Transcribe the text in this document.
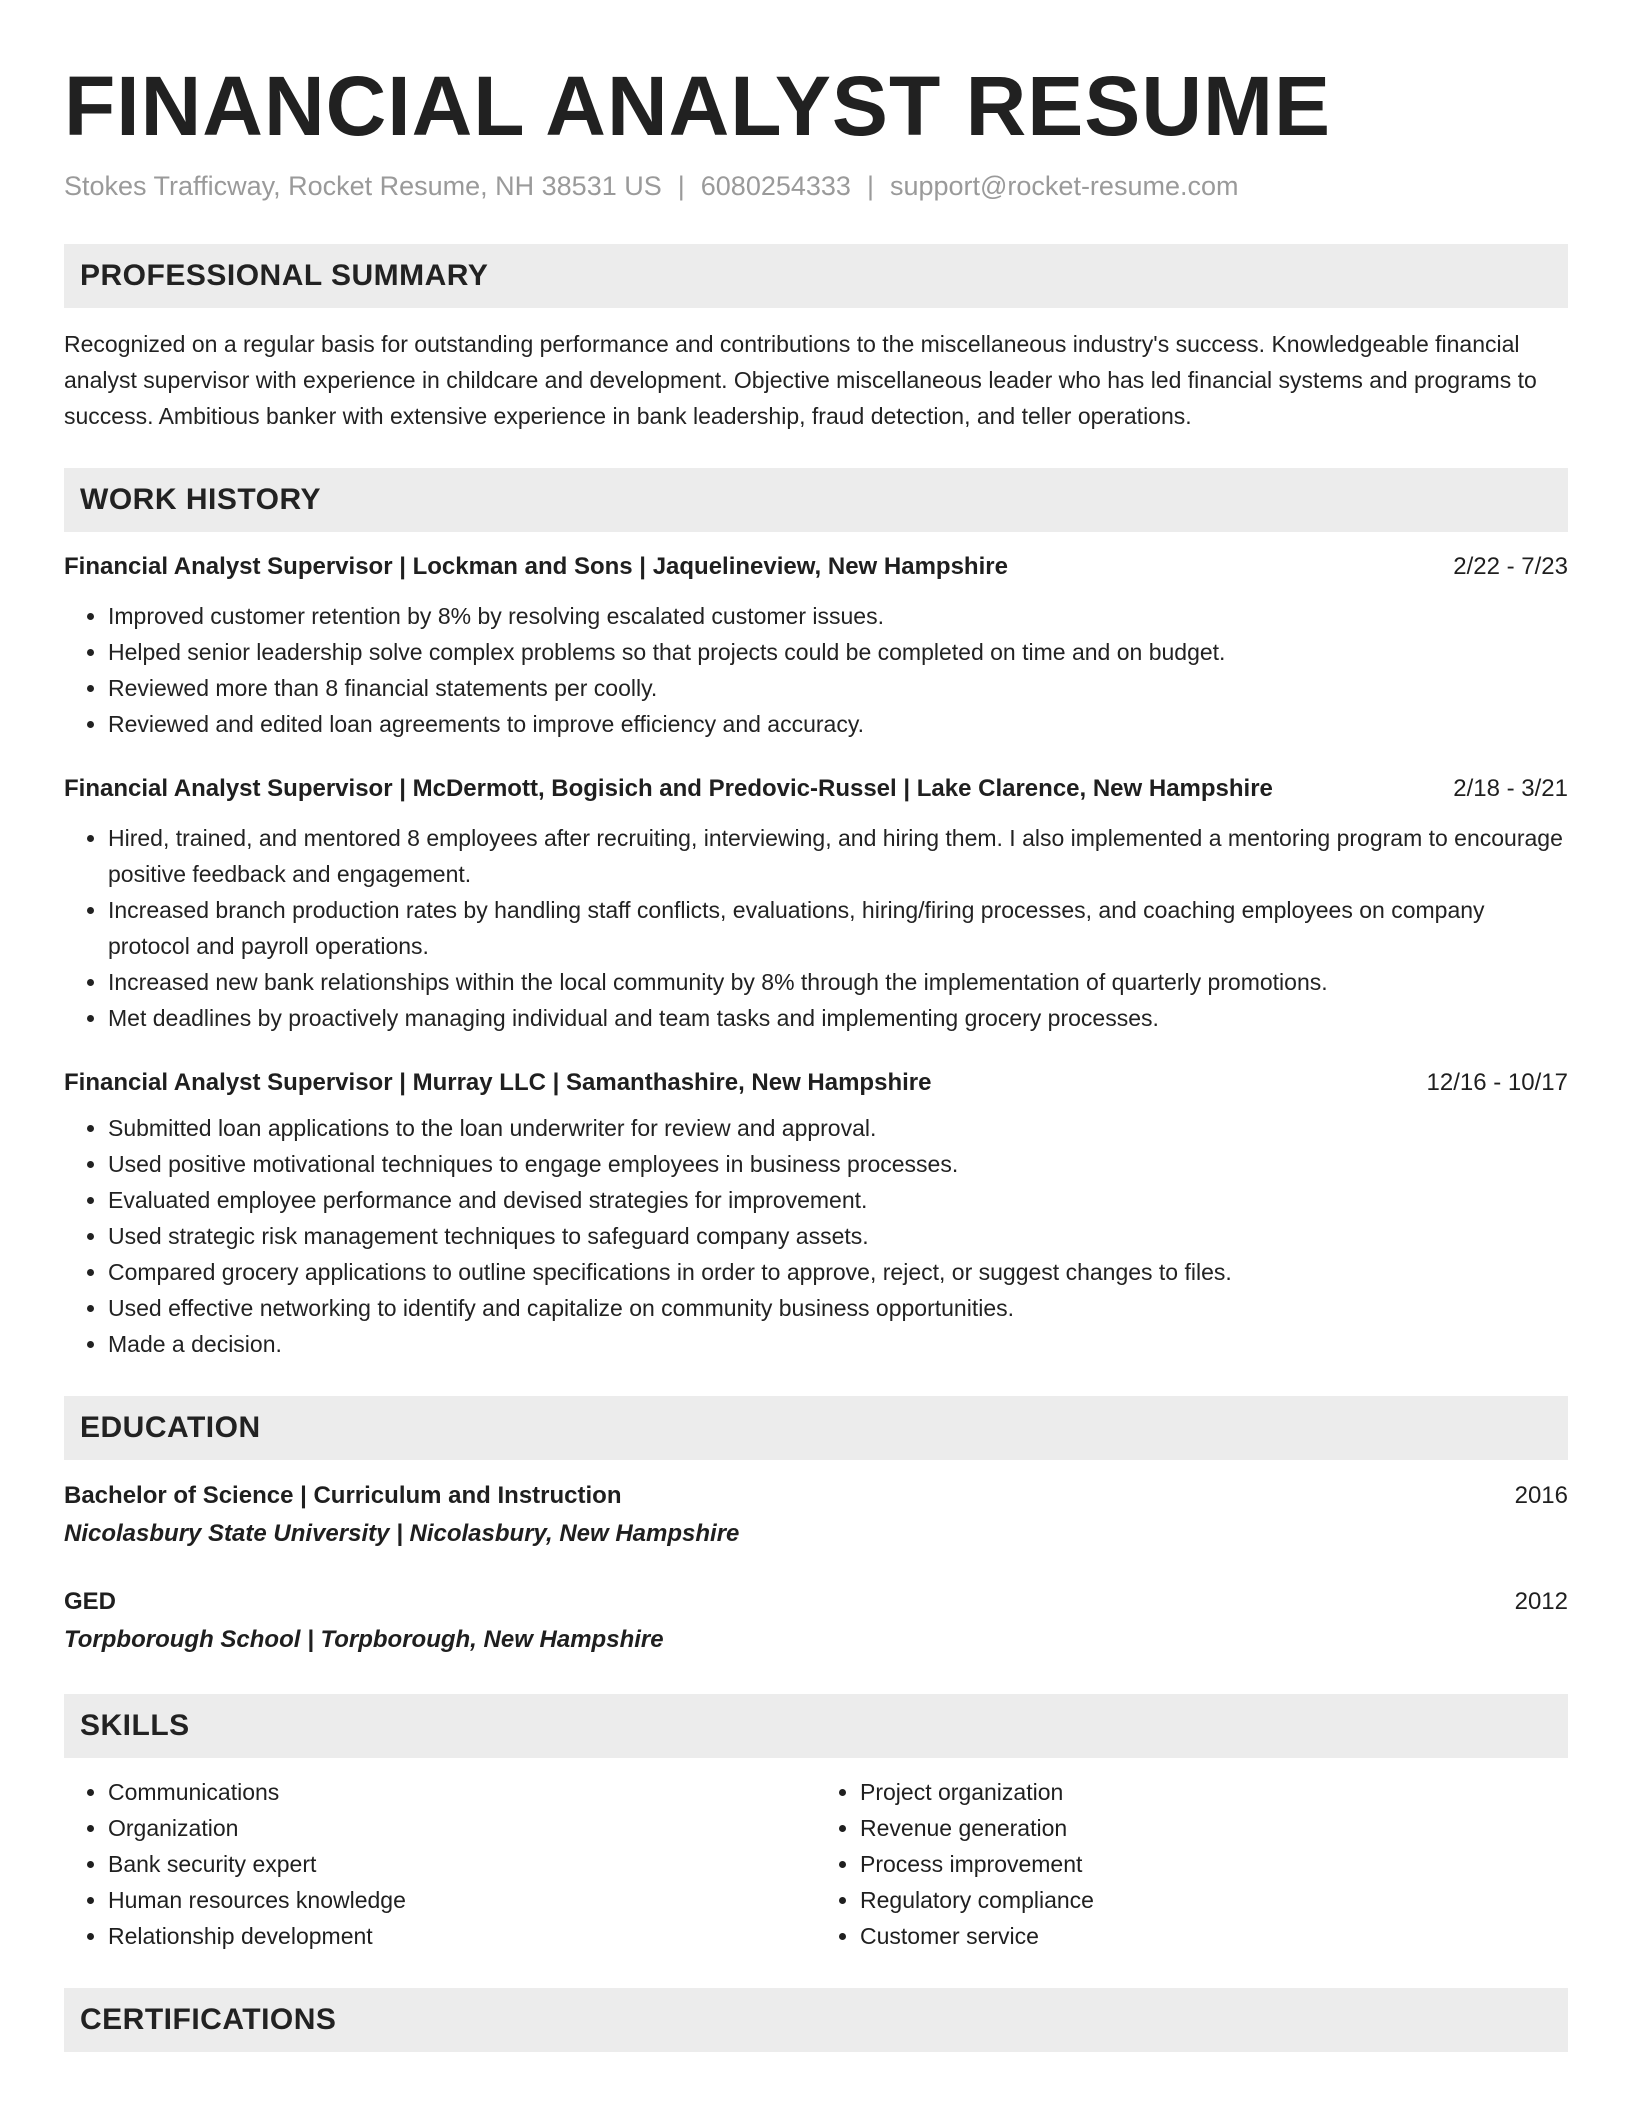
FINANCIAL ANALYST RESUME
Stokes Trafficway, Rocket Resume, NH 38531 US | 6080254333 | support@rocket-resume.com
PROFESSIONAL SUMMARY
Recognized on a regular basis for outstanding performance and contributions to the miscellaneous industry's success. Knowledgeable financial analyst supervisor with experience in childcare and development. Objective miscellaneous leader who has led financial systems and programs to success. Ambitious banker with extensive experience in bank leadership, fraud detection, and teller operations.
WORK HISTORY
Financial Analyst Supervisor | Lockman and Sons | Jaquelineview, New Hampshire	2/22 - 7/23
• Improved customer retention by 8% by resolving escalated customer issues.
• Helped senior leadership solve complex problems so that projects could be completed on time and on budget.
• Reviewed more than 8 financial statements per coolly.
• Reviewed and edited loan agreements to improve efficiency and accuracy.
Financial Analyst Supervisor | McDermott, Bogisich and Predovic-Russel | Lake Clarence, New Hampshire	2/18 - 3/21
• Hired, trained, and mentored 8 employees after recruiting, interviewing, and hiring them. I also implemented a mentoring program to encourage positive feedback and engagement.
• Increased branch production rates by handling staff conflicts, evaluations, hiring/firing processes, and coaching employees on company protocol and payroll operations.
• Increased new bank relationships within the local community by 8% through the implementation of quarterly promotions.
• Met deadlines by proactively managing individual and team tasks and implementing grocery processes.
Financial Analyst Supervisor | Murray LLC | Samanthashire, New Hampshire	12/16 - 10/17
• Submitted loan applications to the loan underwriter for review and approval.
• Used positive motivational techniques to engage employees in business processes.
• Evaluated employee performance and devised strategies for improvement.
• Used strategic risk management techniques to safeguard company assets.
• Compared grocery applications to outline specifications in order to approve, reject, or suggest changes to files.
• Used effective networking to identify and capitalize on community business opportunities.
• Made a decision.
EDUCATION
Bachelor of Science | Curriculum and Instruction	2016
Nicolasbury State University | Nicolasbury, New Hampshire
GED	2012
Torpborough School | Torpborough, New Hampshire
SKILLS
• Communications
• Organization
• Bank security expert
• Human resources knowledge
• Relationship development
• Project organization
• Revenue generation
• Process improvement
• Regulatory compliance
• Customer service
CERTIFICATIONS
